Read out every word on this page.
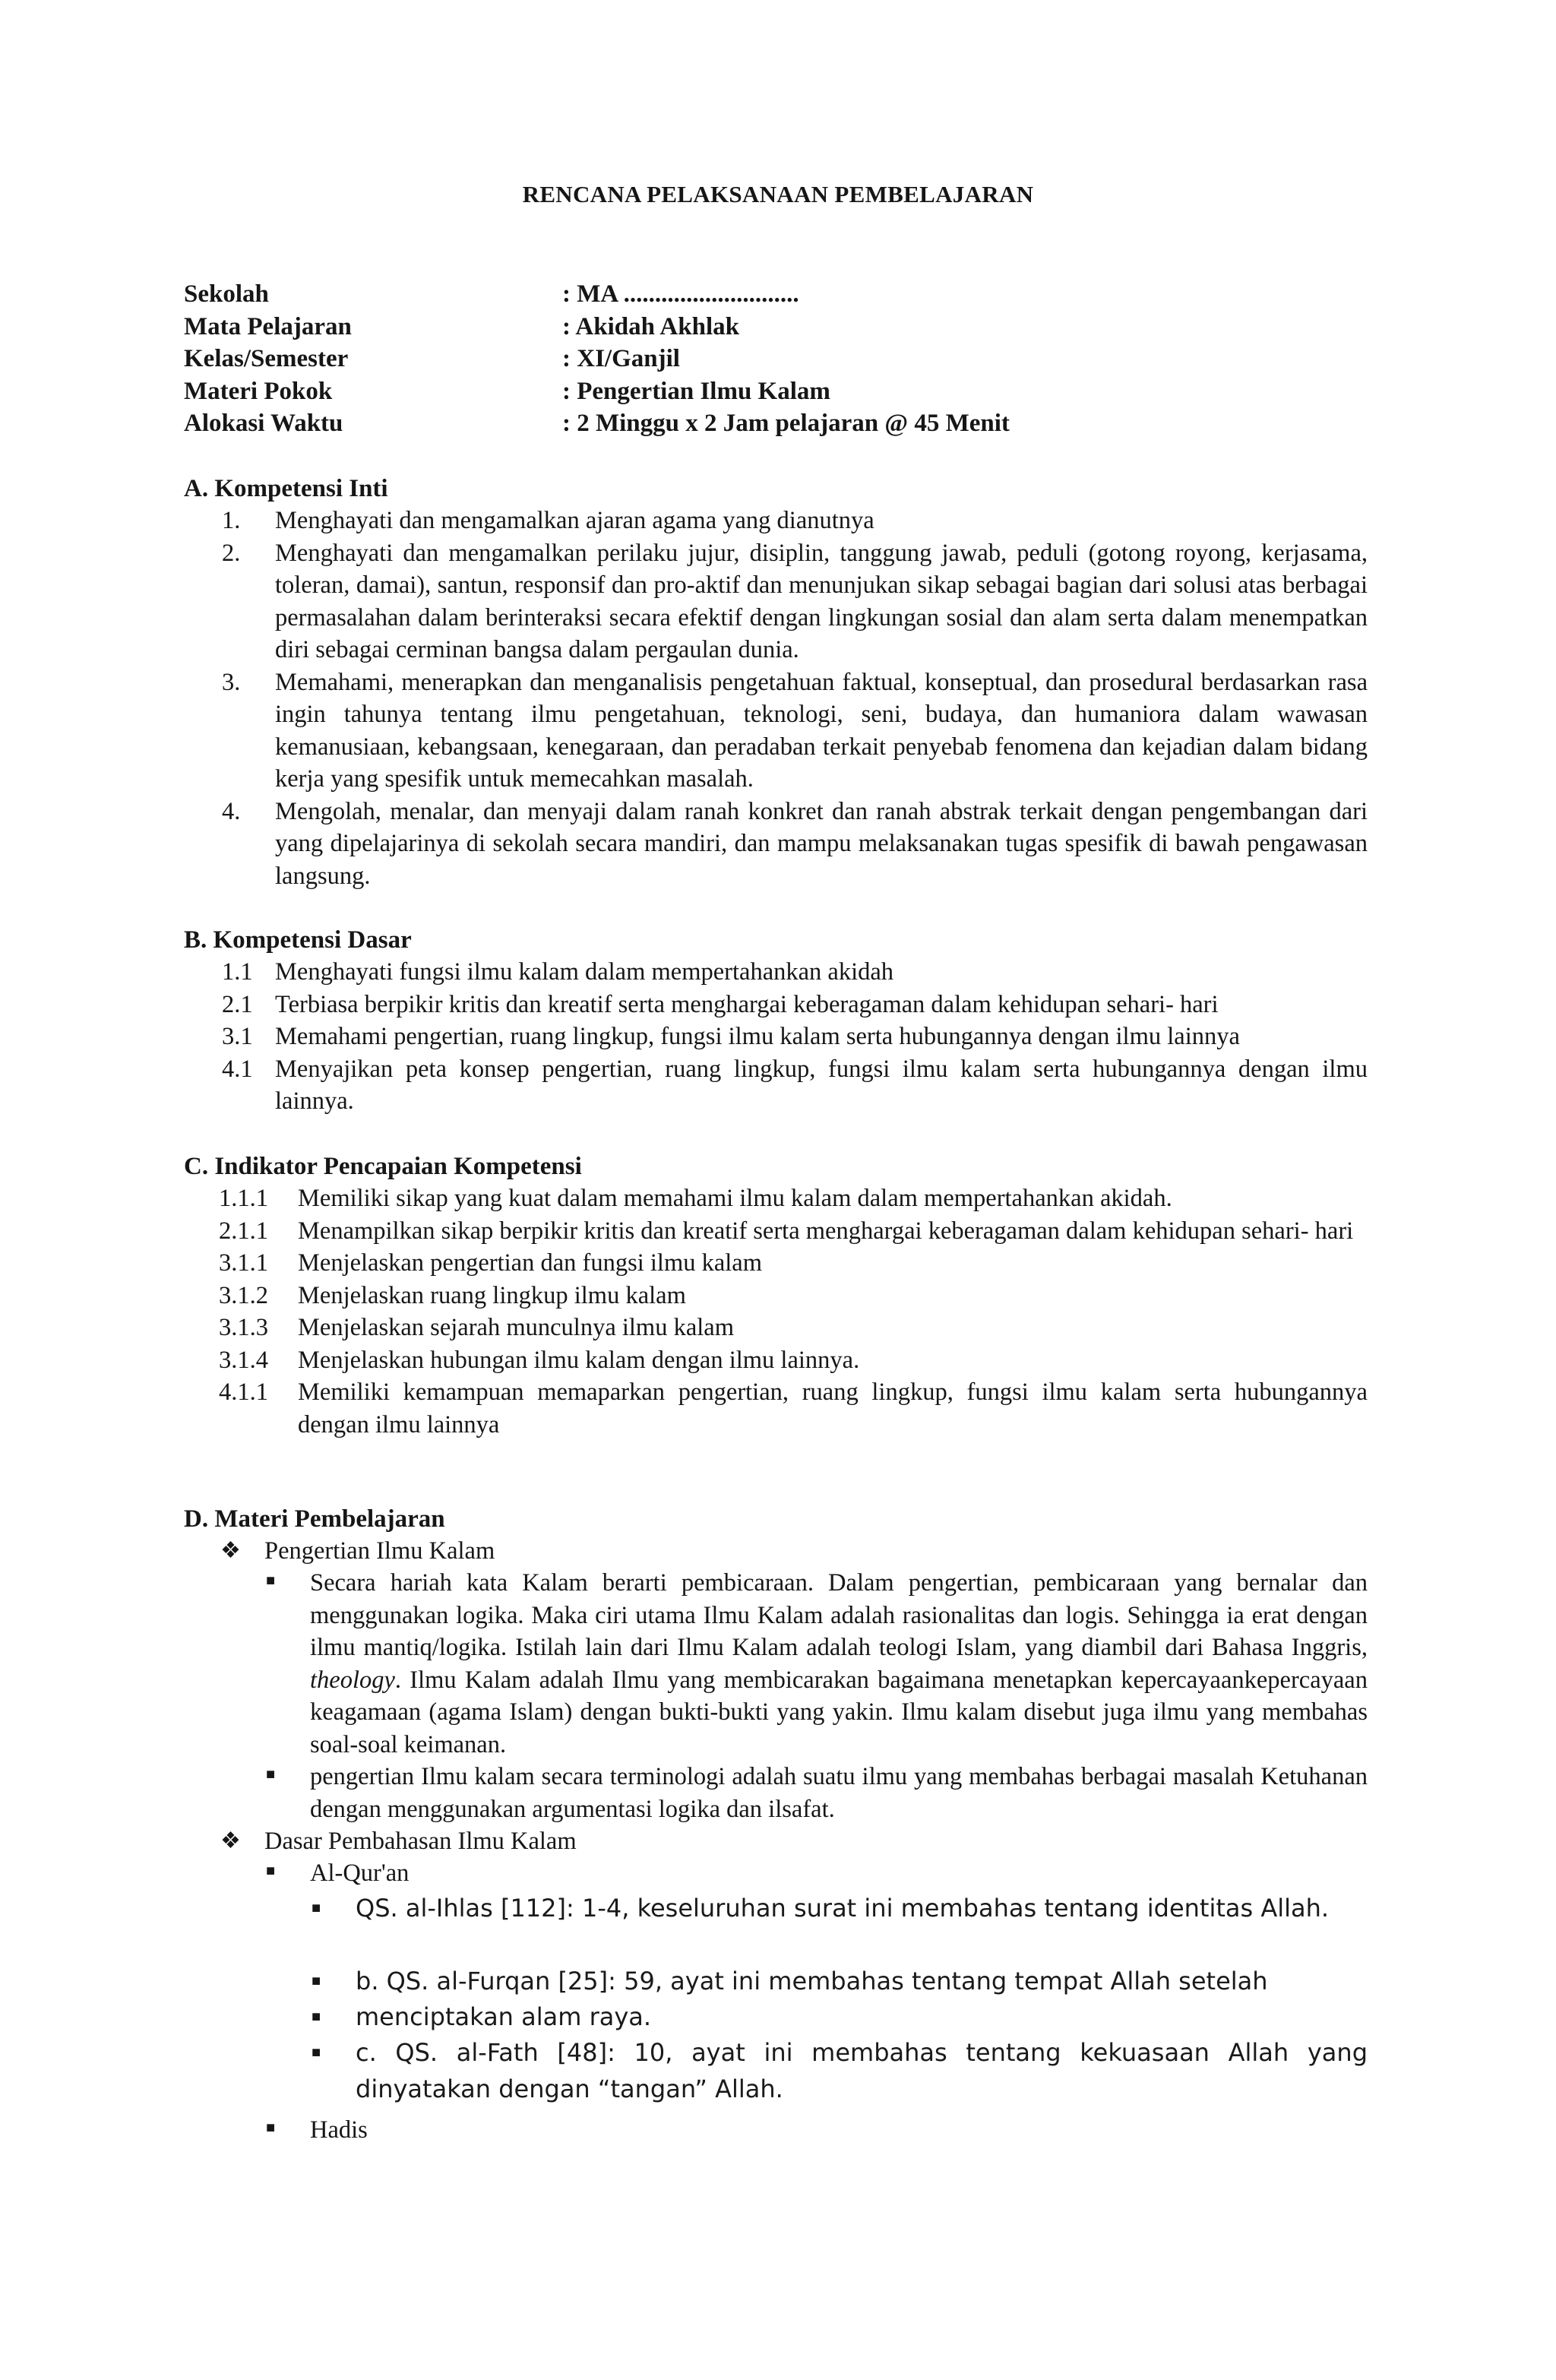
RENCANA PELAKSANAAN PEMBELAJARAN
Sekolah	: MA ............................
Mata Pelajaran	: Akidah Akhlak
Kelas/Semester	: XI/Ganjil
Materi Pokok	: Pengertian Ilmu Kalam
Alokasi Waktu	: 2 Minggu x 2 Jam pelajaran @ 45 Menit
A. Kompetensi Inti
1. Menghayati dan mengamalkan ajaran agama yang dianutnya
2. Menghayati dan mengamalkan perilaku jujur, disiplin, tanggung jawab, peduli (gotong royong, kerjasama, toleran, damai), santun, responsif dan pro-aktif dan menunjukan sikap sebagai bagian dari solusi atas berbagai permasalahan dalam berinteraksi secara efektif dengan lingkungan sosial dan alam serta dalam menempatkan diri sebagai cerminan bangsa dalam pergaulan dunia.
3. Memahami, menerapkan dan menganalisis pengetahuan faktual, konseptual, dan prosedural berdasarkan rasa ingin tahunya tentang ilmu pengetahuan, teknologi, seni, budaya, dan humaniora dalam wawasan kemanusiaan, kebangsaan, kenegaraan, dan peradaban terkait penyebab fenomena dan kejadian dalam bidang kerja yang spesifik untuk memecahkan masalah.
4. Mengolah, menalar, dan menyaji dalam ranah konkret dan ranah abstrak terkait dengan pengembangan dari yang dipelajarinya di sekolah secara mandiri, dan mampu melaksanakan tugas spesifik di bawah pengawasan langsung.
B. Kompetensi Dasar
1.1 Menghayati fungsi ilmu kalam dalam mempertahankan akidah
2.1 Terbiasa berpikir kritis dan kreatif serta menghargai keberagaman dalam kehidupan sehari- hari
3.1 Memahami pengertian, ruang lingkup, fungsi ilmu kalam serta hubungannya dengan ilmu lainnya
4.1 Menyajikan peta konsep pengertian, ruang lingkup, fungsi ilmu kalam serta hubungannya dengan ilmu lainnya.
C. Indikator Pencapaian Kompetensi
1.1.1 Memiliki sikap yang kuat dalam memahami ilmu kalam dalam mempertahankan akidah.
2.1.1 Menampilkan sikap berpikir kritis dan kreatif serta menghargai keberagaman dalam kehidupan sehari- hari
3.1.1 Menjelaskan pengertian dan fungsi ilmu kalam
3.1.2 Menjelaskan ruang lingkup ilmu kalam
3.1.3 Menjelaskan sejarah munculnya ilmu kalam
3.1.4 Menjelaskan hubungan ilmu kalam dengan ilmu lainnya.
4.1.1 Memiliki kemampuan memaparkan pengertian, ruang lingkup, fungsi ilmu kalam serta hubungannya dengan ilmu lainnya
D. Materi Pembelajaran
❖ Pengertian Ilmu Kalam
■ Secara hariah kata Kalam berarti pembicaraan. Dalam pengertian, pembicaraan yang bernalar dan menggunakan logika. Maka ciri utama Ilmu Kalam adalah rasionalitas dan logis. Sehingga ia erat dengan ilmu mantiq/logika. Istilah lain dari Ilmu Kalam adalah teologi Islam, yang diambil dari Bahasa Inggris, theology. Ilmu Kalam adalah Ilmu yang membicarakan bagaimana menetapkan kepercayaankepercayaan keagamaan (agama Islam) dengan bukti-bukti yang yakin. Ilmu kalam disebut juga ilmu yang membahas soal-soal keimanan.
■ pengertian Ilmu kalam secara terminologi adalah suatu ilmu yang membahas berbagai masalah Ketuhanan dengan menggunakan argumentasi logika dan ilsafat.
❖ Dasar Pembahasan Ilmu Kalam
■ Al-Qur'an
■ QS. al-Ihlas [112]: 1-4, keseluruhan surat ini membahas tentang identitas Allah.
■ b. QS. al-Furqan [25]: 59, ayat ini membahas tentang tempat Allah setelah
■ menciptakan alam raya.
■ c. QS. al-Fath [48]: 10, ayat ini membahas tentang kekuasaan Allah yang dinyatakan dengan “tangan” Allah.
■ Hadis
